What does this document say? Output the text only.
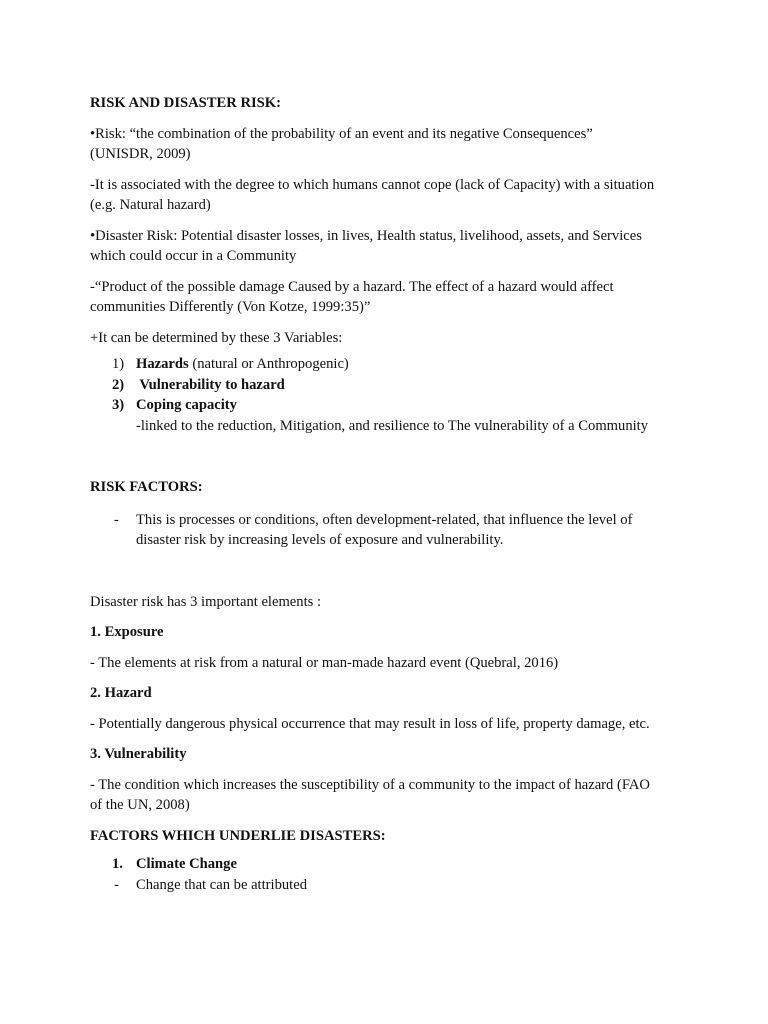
RISK AND DISASTER RISK:

•Risk: “the combination of the probability of an event and its negative Consequences”

(UNISDR, 2009)

-It is associated with the degree to which humans cannot cope (lack of Capacity) with a situation

(e.g. Natural hazard)

•Disaster Risk: Potential disaster losses, in lives, Health status, livelihood, assets, and Services

which could occur in a Community

-“Product of the possible damage Caused by a hazard. The effect of a hazard would affect

communities Differently (Von Kotze, 1999:35)”

+It can be determined by these 3 Variables:

1) Hazards (natural or Anthropogenic)
2) Vulnerability to hazard
3) Coping capacity

-linked to the reduction, Mitigation, and resilience to The vulnerability of a Community

RISK FACTORS:

- This is processes or conditions, often development-related, that influence the level of

disaster risk by increasing levels of exposure and vulnerability.

Disaster risk has 3 important elements :

1. Exposure

- The elements at risk from a natural or man-made hazard event (Quebral, 2016)

2. Hazard

- Potentially dangerous physical occurrence that may result in loss of life, property damage, etc.

3. Vulnerability

- The condition which increases the susceptibility of a community to the impact of hazard (FAO

of the UN, 2008)

FACTORS WHICH UNDERLIE DISASTERS:

1. Climate Change
- Change that can be attributed
